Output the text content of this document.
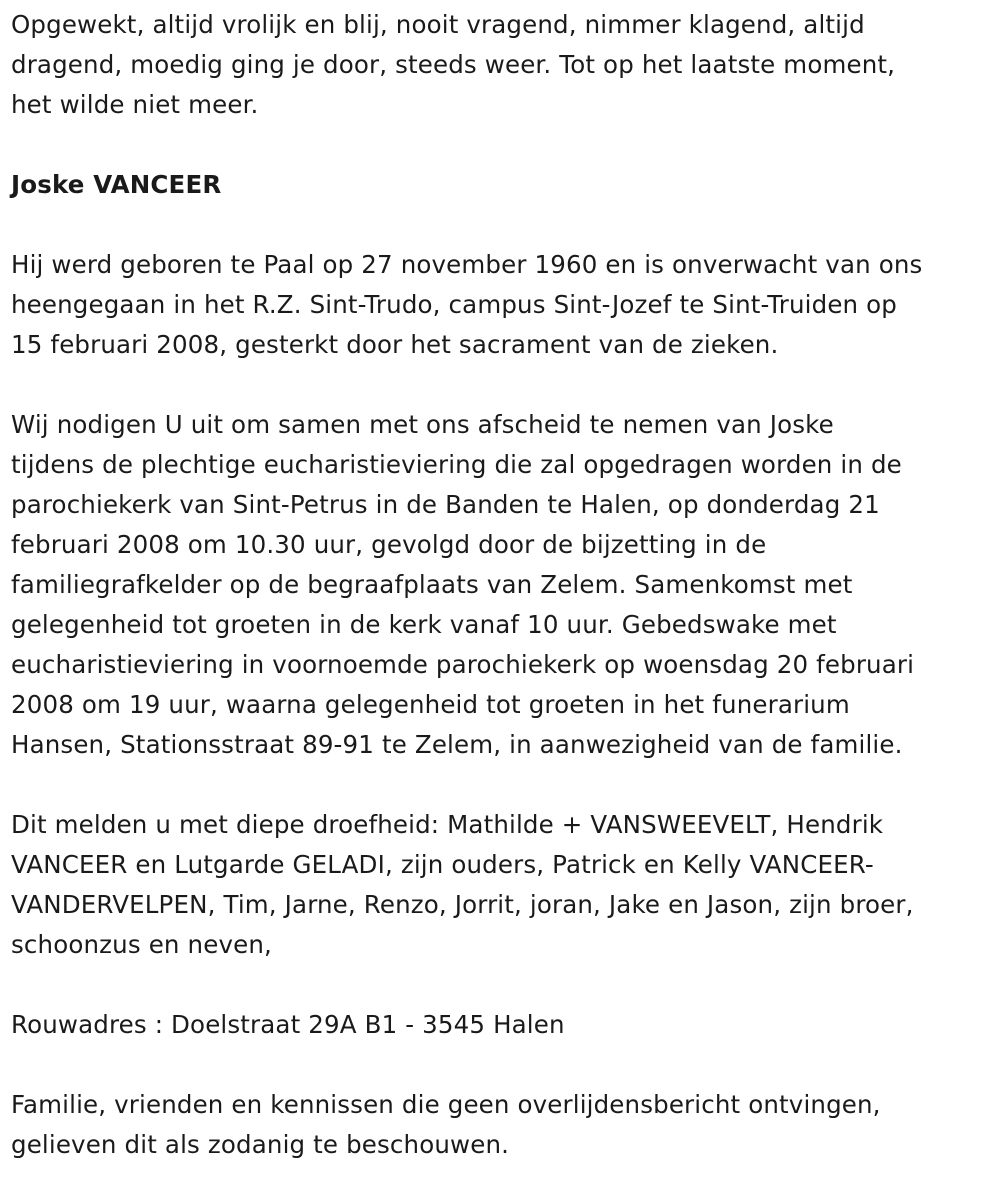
Opgewekt, altijd vrolijk en blij, nooit vragend, nimmer klagend, altijd
dragend, moedig ging je door, steeds weer. Tot op het laatste moment,
het wilde niet meer.

Joske VANCEER

Hij werd geboren te Paal op 27 november 1960 en is onverwacht van ons
heengegaan in het R.Z. Sint-Trudo, campus Sint-Jozef te Sint-Truiden op
15 februari 2008, gesterkt door het sacrament van de zieken.

Wij nodigen U uit om samen met ons afscheid te nemen van Joske
tijdens de plechtige eucharistieviering die zal opgedragen worden in de
parochiekerk van Sint-Petrus in de Banden te Halen, op donderdag 21
februari 2008 om 10.30 uur, gevolgd door de bijzetting in de
familiegrafkelder op de begraafplaats van Zelem. Samenkomst met
gelegenheid tot groeten in de kerk vanaf 10 uur. Gebedswake met
eucharistieviering in voornoemde parochiekerk op woensdag 20 februari
2008 om 19 uur, waarna gelegenheid tot groeten in het funerarium
Hansen, Stationsstraat 89-91 te Zelem, in aanwezigheid van de familie.

Dit melden u met diepe droefheid: Mathilde + VANSWEEVELT, Hendrik
VANCEER en Lutgarde GELADI, zijn ouders, Patrick en Kelly VANCEER-
VANDERVELPEN, Tim, Jarne, Renzo, Jorrit, joran, Jake en Jason, zijn broer,
schoonzus en neven,

Rouwadres : Doelstraat 29A B1 - 3545 Halen

Familie, vrienden en kennissen die geen overlijdensbericht ontvingen,
gelieven dit als zodanig te beschouwen.
